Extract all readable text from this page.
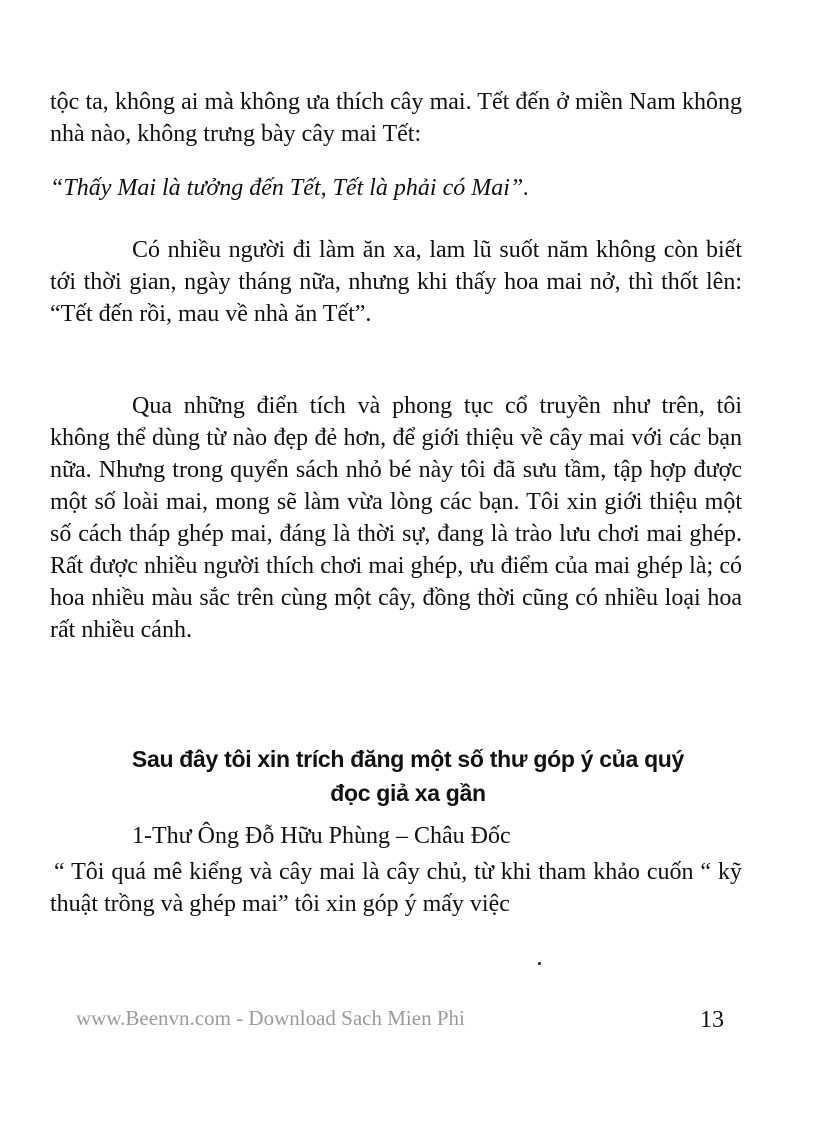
tộc ta, không ai mà không ưa thích cây mai. Tết đến ở miền Nam không nhà nào, không trưng bày cây mai Tết:

“Thấy Mai là tưởng đến Tết, Tết là phải có Mai”.

Có nhiều người đi làm ăn xa, lam lũ suốt năm không còn biết tới thời gian, ngày tháng nữa, nhưng khi thấy hoa mai nở, thì thốt lên: “Tết đến rồi, mau về nhà ăn Tết”.

Qua những điển tích và phong tục cổ truyền như trên, tôi không thể dùng từ nào đẹp đẻ hơn, để giới thiệu về cây mai với các bạn nữa. Nhưng trong quyển sách nhỏ bé này tôi đã sưu tầm, tập hợp được một số loài mai, mong sẽ làm vừa lòng các bạn. Tôi xin giới thiệu một số cách tháp ghép mai, đáng là thời sự, đang là trào lưu chơi mai ghép. Rất được nhiều người thích chơi mai ghép, ưu điểm của mai ghép là; có hoa nhiều màu sắc trên cùng một cây, đồng thời cũng có nhiều loại hoa rất nhiều cánh.

Sau đây tôi xin trích đăng một số thư góp ý của quý
đọc giả xa gần

1-Thư Ông Đỗ Hữu Phùng – Châu Đốc

“ Tôi quá mê kiểng và cây mai là cây chủ, từ khi tham khảo cuốn “ kỹ thuật trồng và ghép mai” tôi xin góp ý mấy việc

www.Beenvn.com - Download Sach Mien Phi	13
